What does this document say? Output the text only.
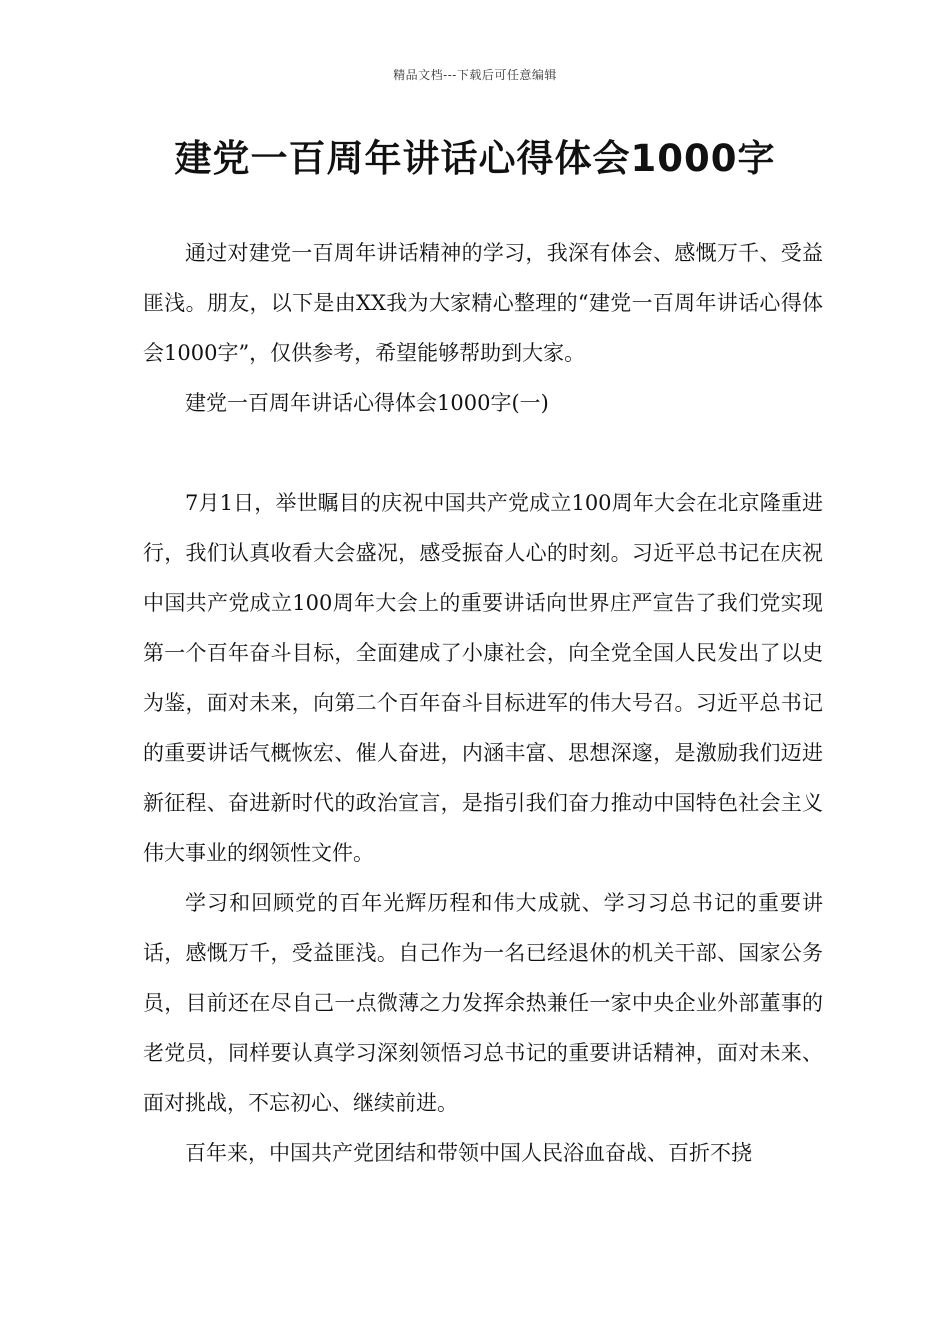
精品文档---下载后可任意编辑
建党一百周年讲话心得体会1000字

通过对建党一百周年讲话精神的学习，我深有体会、感慨万千、受益匪浅。朋友，以下是由XX我为大家精心整理的“建党一百周年讲话心得体会1000字”，仅供参考，希望能够帮助到大家。

建党一百周年讲话心得体会1000字(一)

7月1日，举世瞩目的庆祝中国共产党成立100周年大会在北京隆重进行，我们认真收看大会盛况，感受振奋人心的时刻。习近平总书记在庆祝中国共产党成立100周年大会上的重要讲话向世界庄严宣告了我们党实现第一个百年奋斗目标，全面建成了小康社会，向全党全国人民发出了以史为鉴，面对未来，向第二个百年奋斗目标进军的伟大号召。习近平总书记的重要讲话气概恢宏、催人奋进，内涵丰富、思想深邃，是激励我们迈进新征程、奋进新时代的政治宣言，是指引我们奋力推动中国特色社会主义伟大事业的纲领性文件。

学习和回顾党的百年光辉历程和伟大成就、学习习总书记的重要讲话，感慨万千，受益匪浅。自己作为一名已经退休的机关干部、国家公务员，目前还在尽自己一点微薄之力发挥余热兼任一家中央企业外部董事的老党员，同样要认真学习深刻领悟习总书记的重要讲话精神，面对未来、面对挑战，不忘初心、继续前进。

百年来，中国共产党团结和带领中国人民浴血奋战、百折不挠
